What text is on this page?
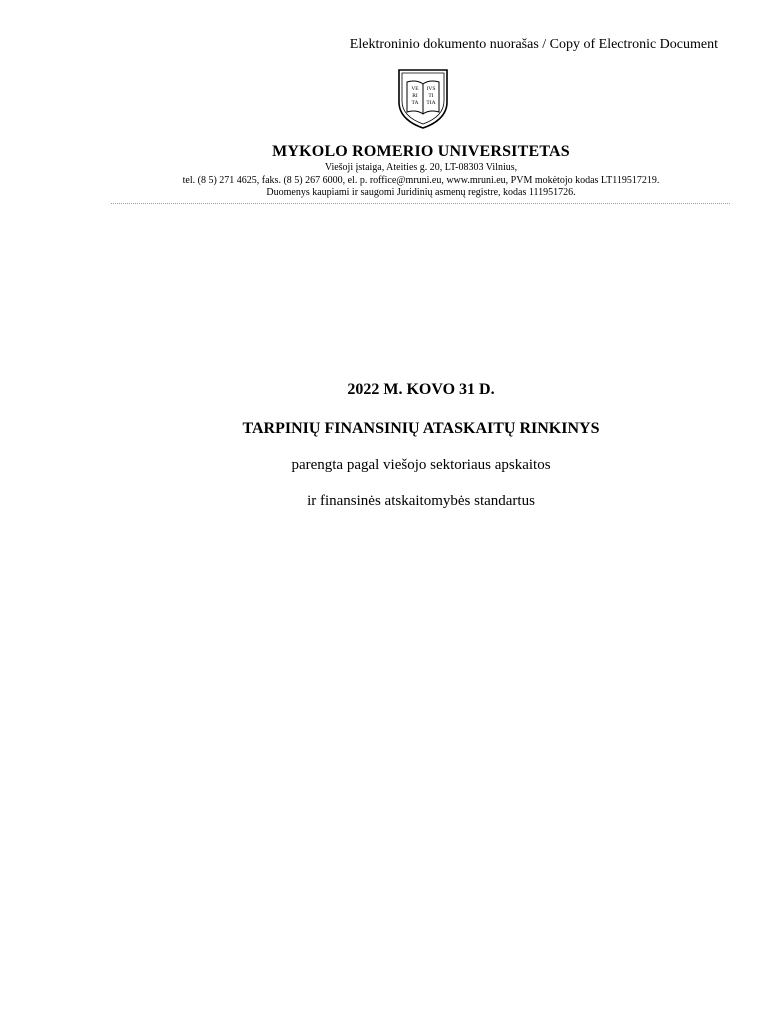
Elektroninio dokumento nuorašas / Copy of Electronic Document
VE
RI
TA
IVS
TI
TIA
MYKOLO ROMERIO UNIVERSITETAS
Viešoji įstaiga, Ateities g. 20, LT-08303 Vilnius,
tel. (8 5) 271 4625, faks. (8 5) 267 6000, el. p. roffice@mruni.eu, www.mruni.eu, PVM mokėtojo kodas LT119517219.
Duomenys kaupiami ir saugomi Juridinių asmenų registre, kodas 111951726.
2022 M. KOVO 31 D.
TARPINIŲ FINANSINIŲ ATASKAITŲ RINKINYS
parengta pagal viešojo sektoriaus apskaitos
ir finansinės atskaitomybės standartus
